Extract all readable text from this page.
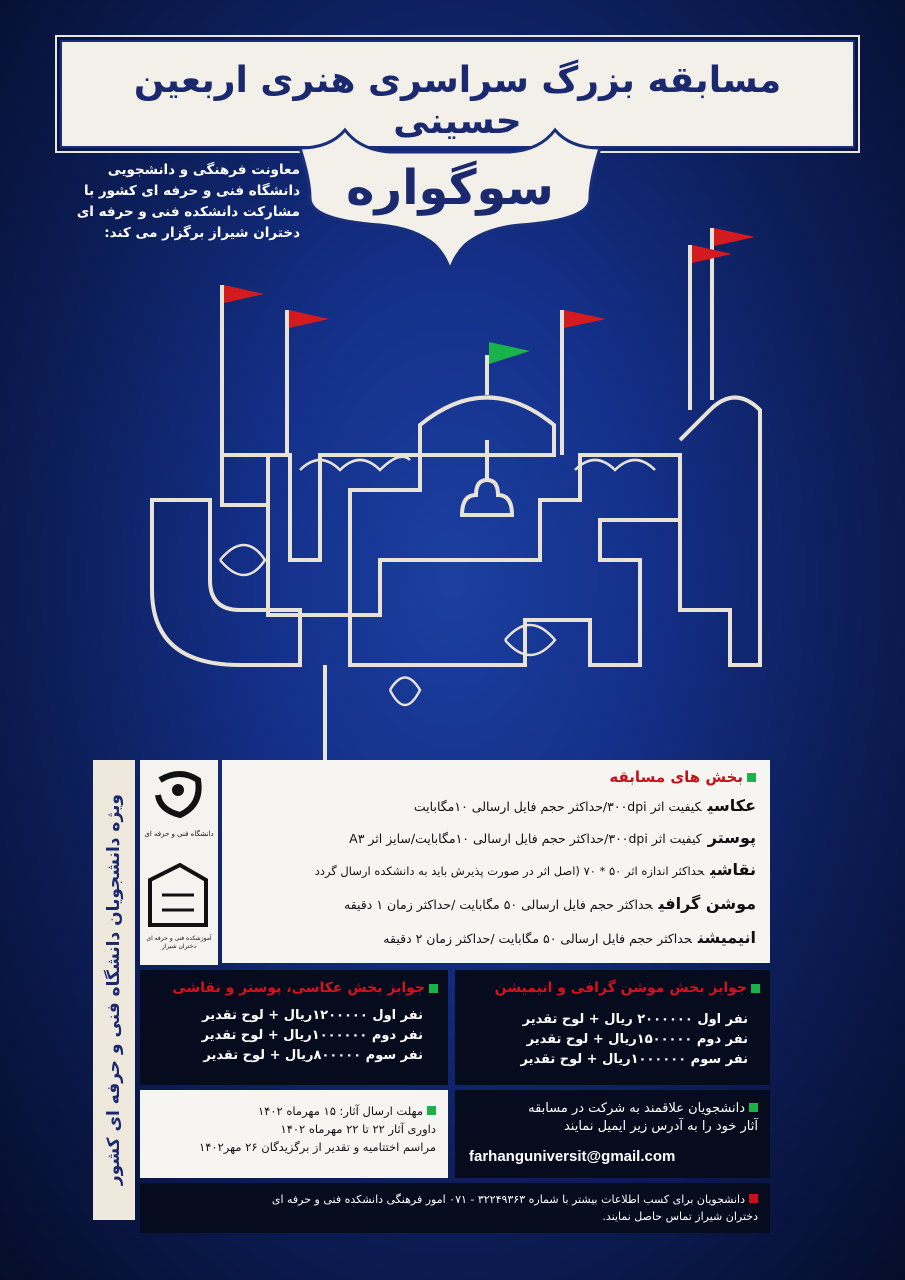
مسابقه بزرگ سراسری هنری اربعین حسینی
سوگواره
معاونت فرهنگی و دانشجویی
دانشگاه فنی و حرفه ای کشور با
مشارکت دانشکده فنی و حرفه ای
دختران شیراز برگزار می کند:
ویژه دانشجویان دانشگاه فنی و حرفه ای کشور	دانشگاه فنی و حرفه ای
آموزشکده فنی و حرفه ای دختران شیراز
بخش های مسابقه
عکاسیکیفیت اثر ۳۰۰dpi/حداکثر حجم فایل ارسالی ۱۰مگابایت
پوسترکیفیت اثر ۳۰۰dpi/حداکثر حجم فایل ارسالی ۱۰مگابایت/سایز اثر A۳
نقاشیحداکثر اندازه اثر ۵۰ * ۷۰ (اصل اثر در صورت پذیرش باید به دانشکده ارسال گردد
موشن گرافیحداکثر حجم فایل ارسالی ۵۰ مگابایت /حداکثر زمان ۱ دقیقه
انیمیشنحداکثر حجم فایل ارسالی ۵۰ مگابایت /حداکثر زمان ۲ دقیقه
جوایز بخش موشن گرافی و انیمیشن
نفر اول ۲۰۰۰۰۰۰ ریال + لوح تقدیر
نفر دوم ۱۵۰۰۰۰۰ریال + لوح تقدیر
نفر سوم ۱۰۰۰۰۰۰ریال + لوح تقدیر
جوایز بخش عکاسی، پوستر و نقاشی
نفر اول ۱۲۰۰۰۰۰ریال + لوح تقدیر
نفر دوم ۱۰۰۰۰۰۰ریال + لوح تقدیر
نفر سوم ۸۰۰۰۰۰ریال + لوح تقدیر
مهلت ارسال آثار: ۱۵ مهرماه ۱۴۰۲
داوری آثار ۲۲ تا ۲۲ مهرماه ۱۴۰۲
مراسم اختتامیه و تقدیر از برگزیدگان ۲۶ مهر۱۴۰۲
دانشجویان علاقمند به شرکت در مسابقه
آثار خود را به آدرس زیر ایمیل نمایند
farhanguniversit@gmail.com
دانشجویان برای کسب اطلاعات بیشتر با شماره ۳۲۲۴۹۳۶۳ - ۰۷۱ امور فرهنگی دانشکده فنی و حرفه ای
دختران شیراز تماس حاصل نمایند.
